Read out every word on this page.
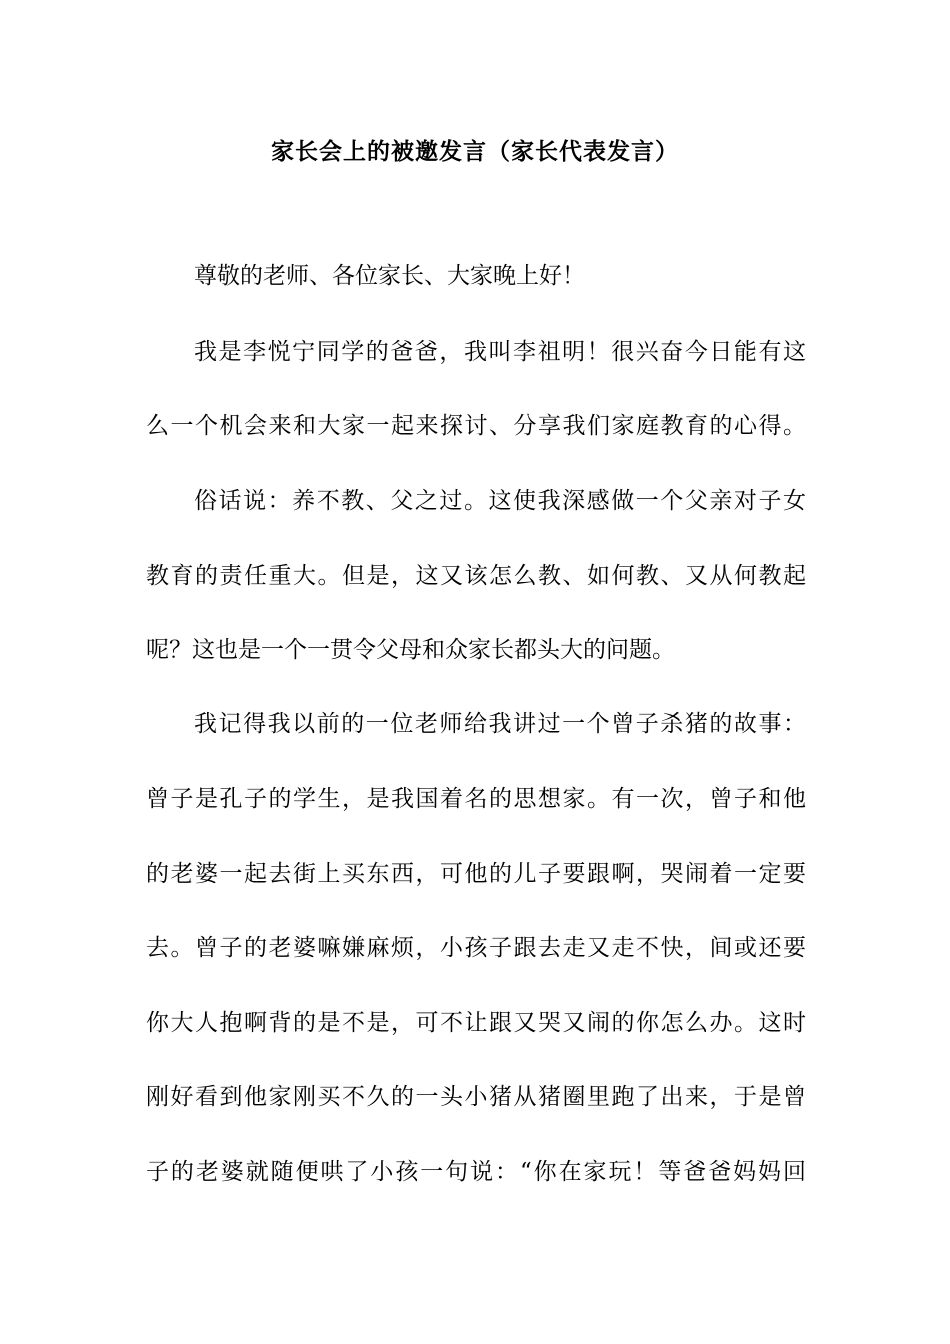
家长会上的被邀发言（家长代表发言）

尊敬的老师、各位家长、大家晚上好！

我是李悦宁同学的爸爸，我叫李祖明！很兴奋今日能有这

么一个机会来和大家一起来探讨、分享我们家庭教育的心得。

俗话说：养不教、父之过。这使我深感做一个父亲对子女

教育的责任重大。但是，这又该怎么教、如何教、又从何教起

呢？这也是一个一贯令父母和众家长都头大的问题。

我记得我以前的一位老师给我讲过一个曾子杀猪的故事：

曾子是孔子的学生，是我国着名的思想家。有一次，曾子和他

的老婆一起去街上买东西，可他的儿子要跟啊，哭闹着一定要

去。曾子的老婆嘛嫌麻烦，小孩子跟去走又走不快，间或还要

你大人抱啊背的是不是，可不让跟又哭又闹的你怎么办。这时

刚好看到他家刚买不久的一头小猪从猪圈里跑了出来，于是曾

子的老婆就随便哄了小孩一句说：“你在家玩！等爸爸妈妈回
